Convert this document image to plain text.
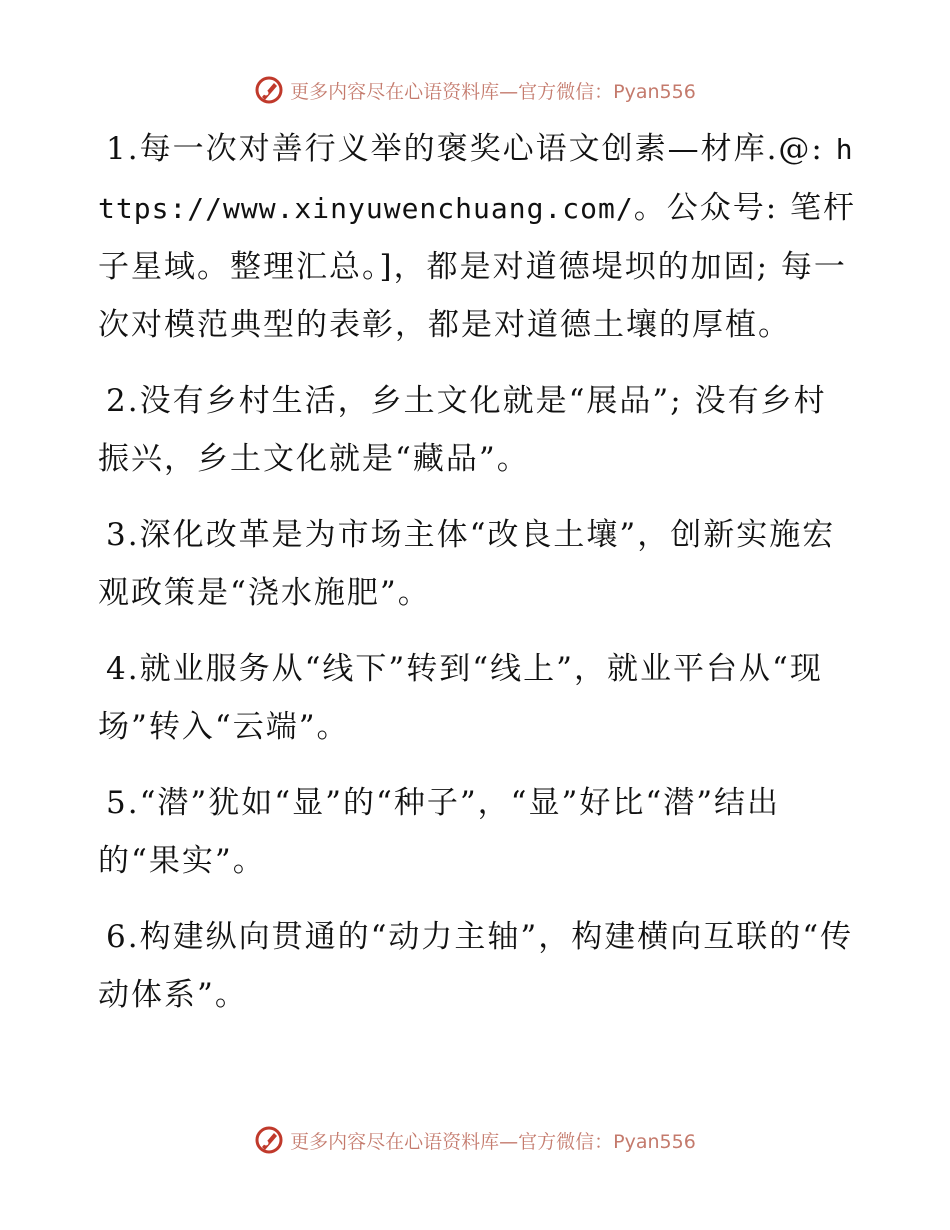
更多内容尽在心语资料库—官方微信：Pyan556

1.每一次对善行义举的褒奖心语文创素—材库.@: https://www.xinyuwenchuang.com/。公众号: 笔杆子星域。整理汇总。]，都是对道德堤坝的加固; 每一次对模范典型的表彰，都是对道德土壤的厚植。

2.没有乡村生活，乡土文化就是“展品”; 没有乡村振兴，乡土文化就是“藏品”。

3.深化改革是为市场主体“改良土壤”，创新实施宏观政策是“浇水施肥”。

4.就业服务从“线下”转到“线上”，就业平台从“现场”转入“云端”。

5.“潜”犹如“显”的“种子”，“显”好比“潜”结出的“果实”。

6.构建纵向贯通的“动力主轴”，构建横向互联的“传动体系”。

更多内容尽在心语资料库—官方微信：Pyan556
